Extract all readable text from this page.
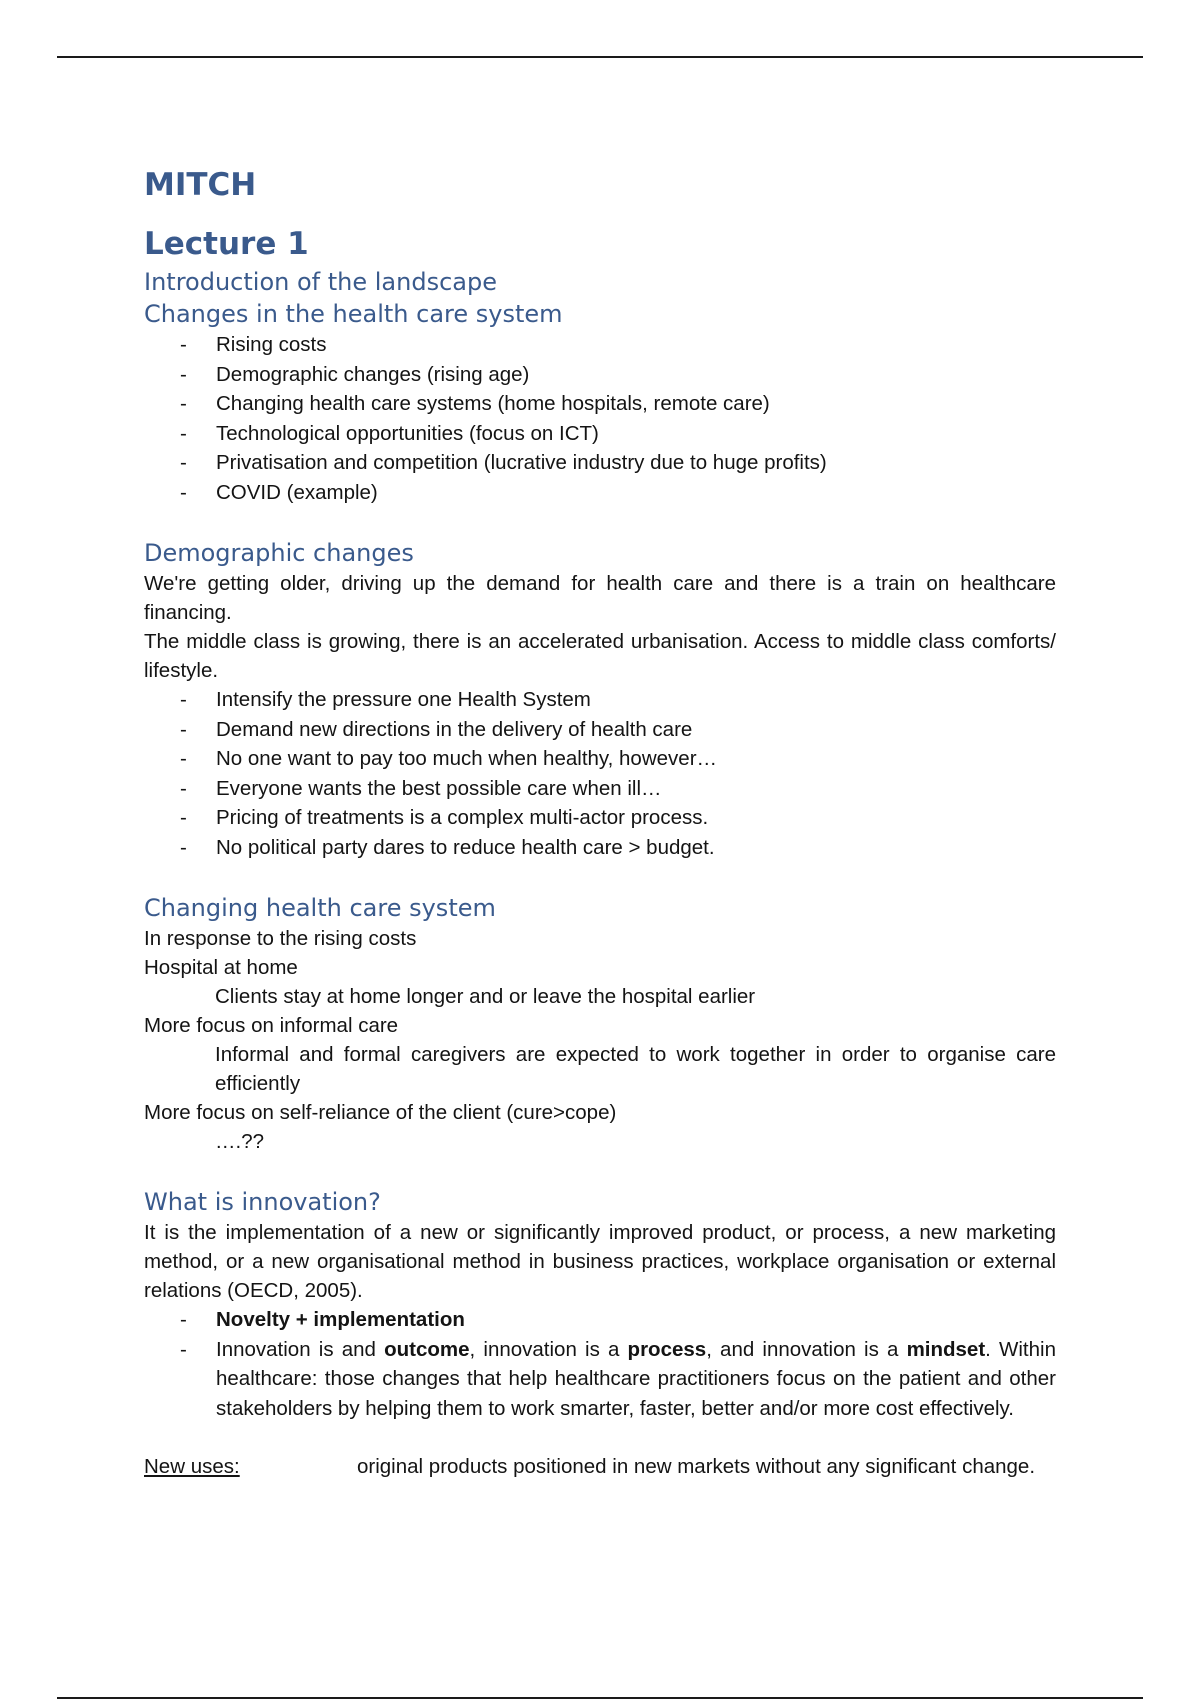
MITCH
Lecture 1
Introduction of the landscape
Changes in the health care system
- Rising costs
- Demographic changes (rising age)
- Changing health care systems (home hospitals, remote care)
- Technological opportunities (focus on ICT)
- Privatisation and competition (lucrative industry due to huge profits)
- COVID (example)
Demographic changes

We're getting older, driving up the demand for health care and there is a train on healthcare financing.

The middle class is growing, there is an accelerated urbanisation. Access to middle class comforts/ lifestyle.

- Intensify the pressure one Health System
- Demand new directions in the delivery of health care
- No one want to pay too much when healthy, however…
- Everyone wants the best possible care when ill…
- Pricing of treatments is a complex multi-actor process.
- No political party dares to reduce health care > budget.
Changing health care system

In response to the rising costs

Hospital at home

Clients stay at home longer and or leave the hospital earlier

More focus on informal care

Informal and formal caregivers are expected to work together in order to organise care efficiently

More focus on self-reliance of the client (cure>cope)

….??

What is innovation?

It is the implementation of a new or significantly improved product, or process, a new marketing method, or a new organisational method in business practices, workplace organisation or external relations (OECD, 2005).

- Novelty + implementation
- Innovation is and outcome, innovation is a process, and innovation is a mindset. Within healthcare: those changes that help healthcare practitioners focus on the patient and other stakeholders by helping them to work smarter, faster, better and/or more cost effectively.

New uses:	original products positioned in new markets without any significant change.
